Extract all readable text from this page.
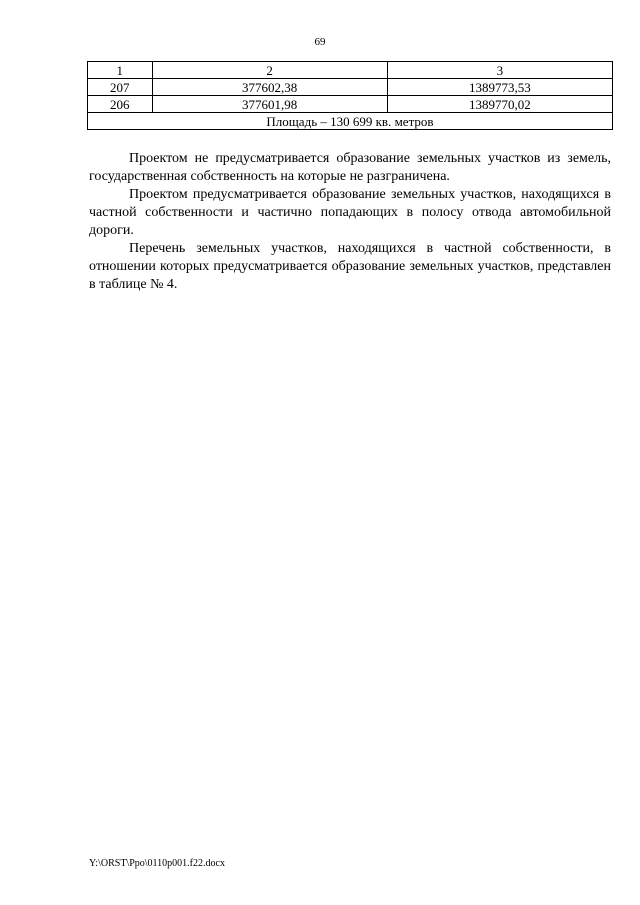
69
1	2	3
207	377602,38	1389773,53
206	377601,98	1389770,02
Площадь – 130 699 кв. метров		

Проектом не предусматривается образование земельных участков из земель, государственная собственность на которые не разграничена.

Проектом предусматривается образование земельных участков, находящихся в частной собственности и частично попадающих в полосу отвода автомобильной дороги.

Перечень земельных участков, находящихся в частной собственности, в отношении которых предусматривается образование земельных участков, представлен в таблице № 4.

Y:\ORST\Ppo\0110p001.f22.docx
